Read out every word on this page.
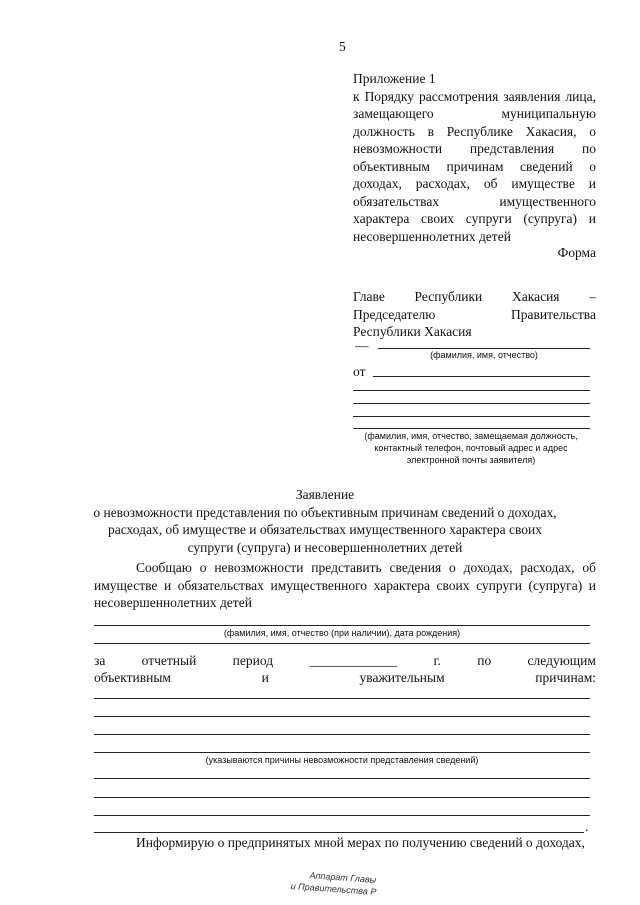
5
Приложение 1
к Порядку рассмотрения заявления лица,
замещающего муниципальную
должность в Республике Хакасия, о
невозможности представления по
объективным причинам сведений о
доходах, расходах, об имуществе и
обязательствах имущественного
характера своих супруги (супруга) и
несовершеннолетних детей
Форма
Главе Республики Хакасия –
Председателю Правительства
Республики Хакасия
—
(фамилия, имя, отчество)
от
(фамилия, имя, отчество, замещаемая должность,
контактный телефон, почтовый адрес и адрес
электронной почты заявителя)
Заявление
о невозможности представления по объективным причинам сведений о доходах,
расходах, об имуществе и обязательствах имущественного характера своих
супруги (супруга) и несовершеннолетних детей
Сообщаю о невозможности представить сведения о доходах, расходах, об
имуществе и обязательствах имущественного характера своих супруги (супруга) и
несовершеннолетних детей
(фамилия, имя, отчество (при наличии), дата рождения)
за	отчетный	период	_____________	г.	по	следующим
объективным	и	уважительным	причинам:
(указываются причины невозможности представления сведений)
.
Информирую о предпринятых мной мерах по получению сведений о доходах,
Аппарат Главы
и Правительства Р
